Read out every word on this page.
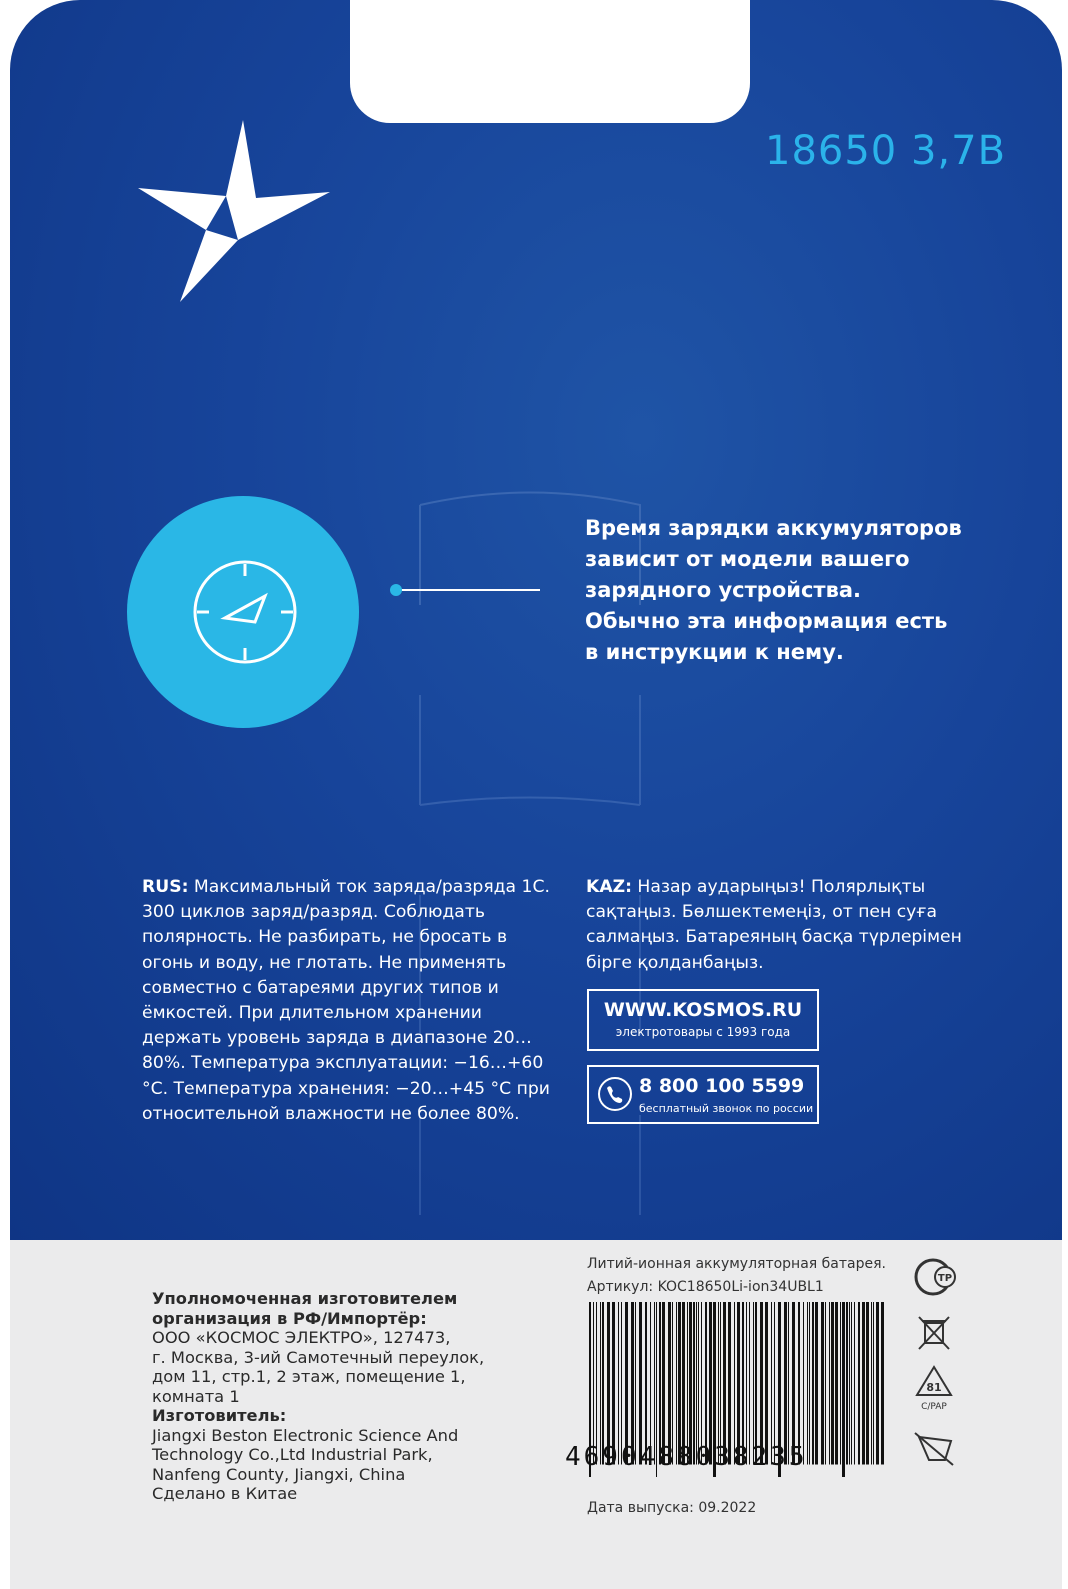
18650 3,7В
Время зарядки аккумуляторов
зависит от модели вашего
зарядного устройства.
Обычно эта информация есть
в инструкции к нему.
RUS: Максимальный ток заряда/разряда 1С. 300 циклов заряд/разряд. Соблюдать полярность. Не разбирать, не бросать в огонь и воду, не глотать. Не применять совместно с батареями других типов и ёмкостей. При длительном хранении держать уровень заряда в диапазоне 20…80%. Температура эксплуатации: −16…+60 °C. Температура хранения: −20…+45 °C при относительной влажности не более 80%.
KAZ: Назар аударыңыз! Полярлықты сақтаңыз. Бөлшектемеңіз, от пен суға салмаңыз. Батареяның басқа түрлерімен бірге қолданбаңыз.
WWW.KOSMOS.RU
электротовары с 1993 года
8 800 100 5599
бесплатный звонок по россии
Уполномоченная изготовителем
организация в РФ/Импортёр:
ООО «КОСМОС ЭЛЕКТРО», 127473,
г. Москва, 3-ий Самотечный переулок,
дом 11, стр.1, 2 этаж, помещение 1,
комната 1
Изготовитель:
Jiangxi Beston Electronic Science And
Technology Co.,Ltd Industrial Park,
Nanfeng County, Jiangxi, China
Сделано в Китае
Литий-ионная аккумуляторная батарея.
Артикул: KOC18650Li-ion34UBL1
4690488038235
Дата выпуска: 09.2022
ТР
81
C/PAP
